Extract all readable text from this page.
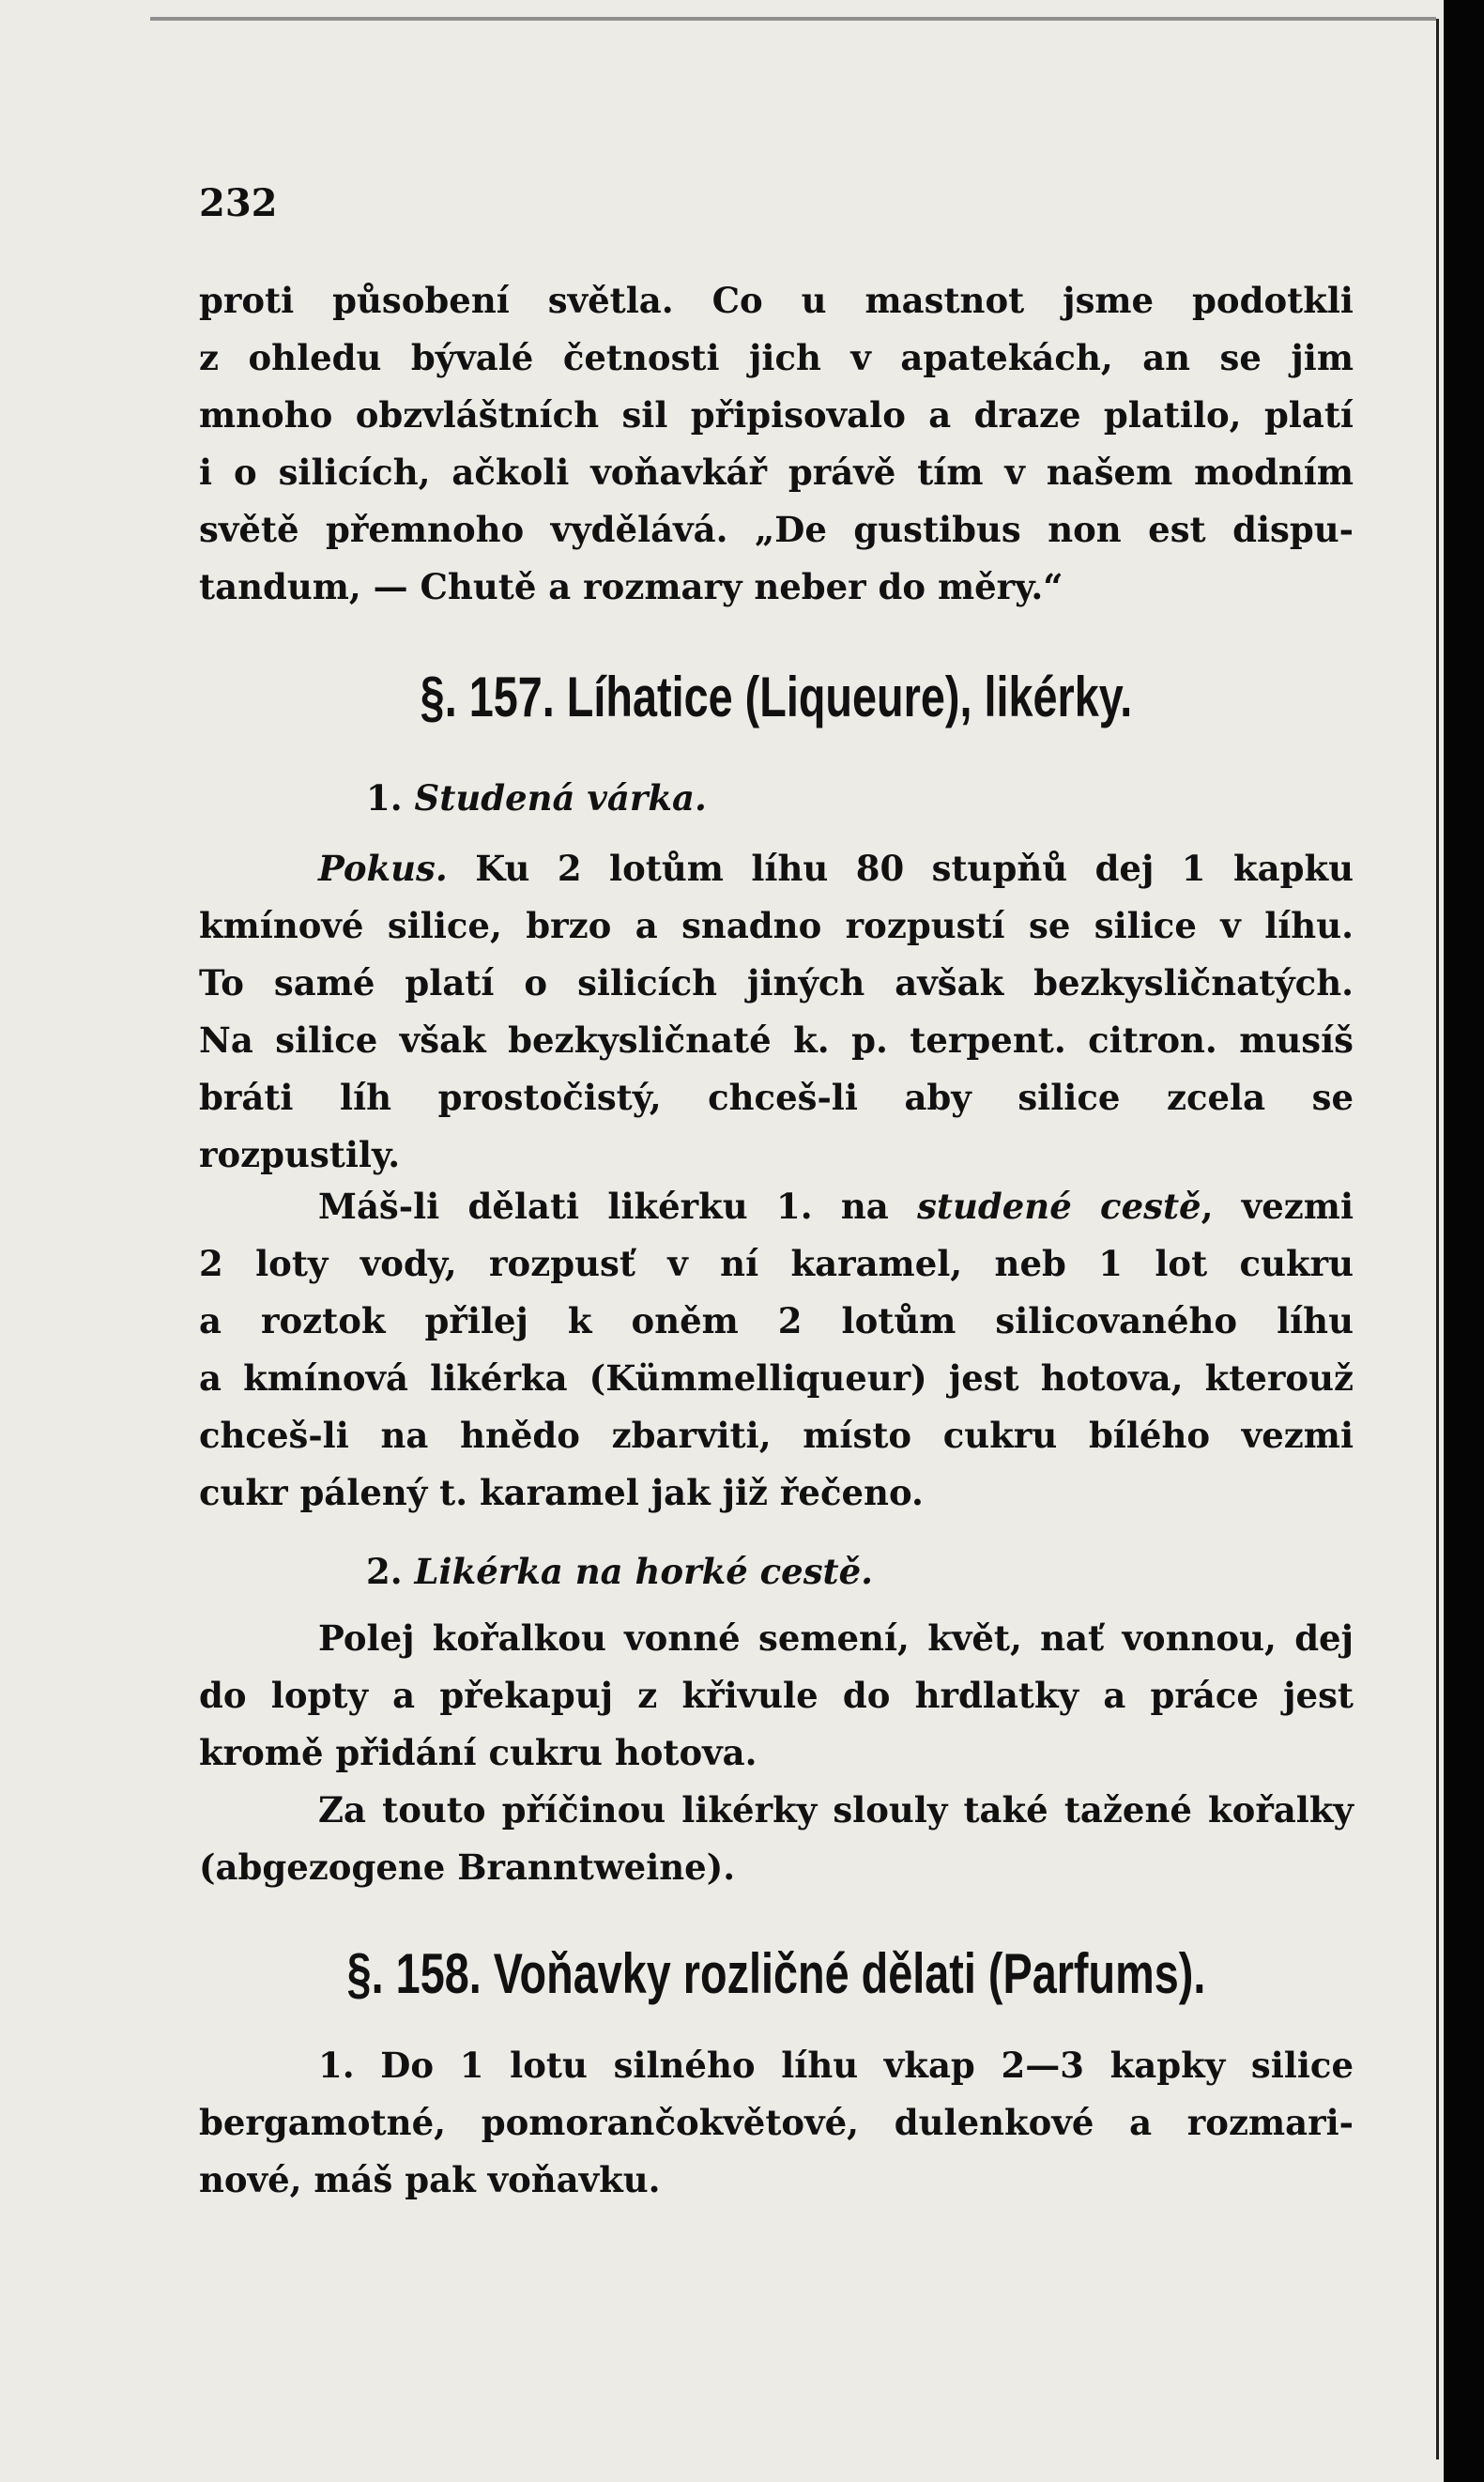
232
proti působení světla. Co u mastnot jsme podotkli
z ohledu bývalé četnosti jich v apatekách, an se jim
mnoho obzvláštních sil připisovalo a draze platilo, platí
i o silicích, ačkoli voňavkář právě tím v našem modním
světě přemnoho vydělává. „De gustibus non est dispu-
tandum, — Chutě a rozmary neber do měry.“
§. 157. Líhatice (Liqueure), likérky.
1. Studená várka.
Pokus. Ku 2 lotům líhu 80 stupňů dej 1 kapku
kmínové silice, brzo a snadno rozpustí se silice v líhu.
To samé platí o silicích jiných avšak bezkysličnatých.
Na silice však bezkysličnaté k. p. terpent. citron. musíš
bráti líh prostočistý, chceš-li aby silice zcela se
rozpustily.
Máš-li dělati likérku 1. na studené cestě, vezmi
2 loty vody, rozpusť v ní karamel, neb 1 lot cukru
a roztok přilej k oněm 2 lotům silicovaného líhu
a kmínová likérka (Kümmelliqueur) jest hotova, kterouž
chceš-li na hnědo zbarviti, místo cukru bílého vezmi
cukr pálený t. karamel jak již řečeno.
2. Likérka na horké cestě.
Polej kořalkou vonné semení, květ, nať vonnou, dej
do lopty a překapuj z křivule do hrdlatky a práce jest
kromě přidání cukru hotova.
Za touto příčinou likérky slouly také tažené kořalky
(abgezogene Branntweine).
§. 158. Voňavky rozličné dělati (Parfums).
1. Do 1 lotu silného líhu vkap 2—3 kapky silice
bergamotné, pomorančokvětové, dulenkové a rozmari-
nové, máš pak voňavku.
